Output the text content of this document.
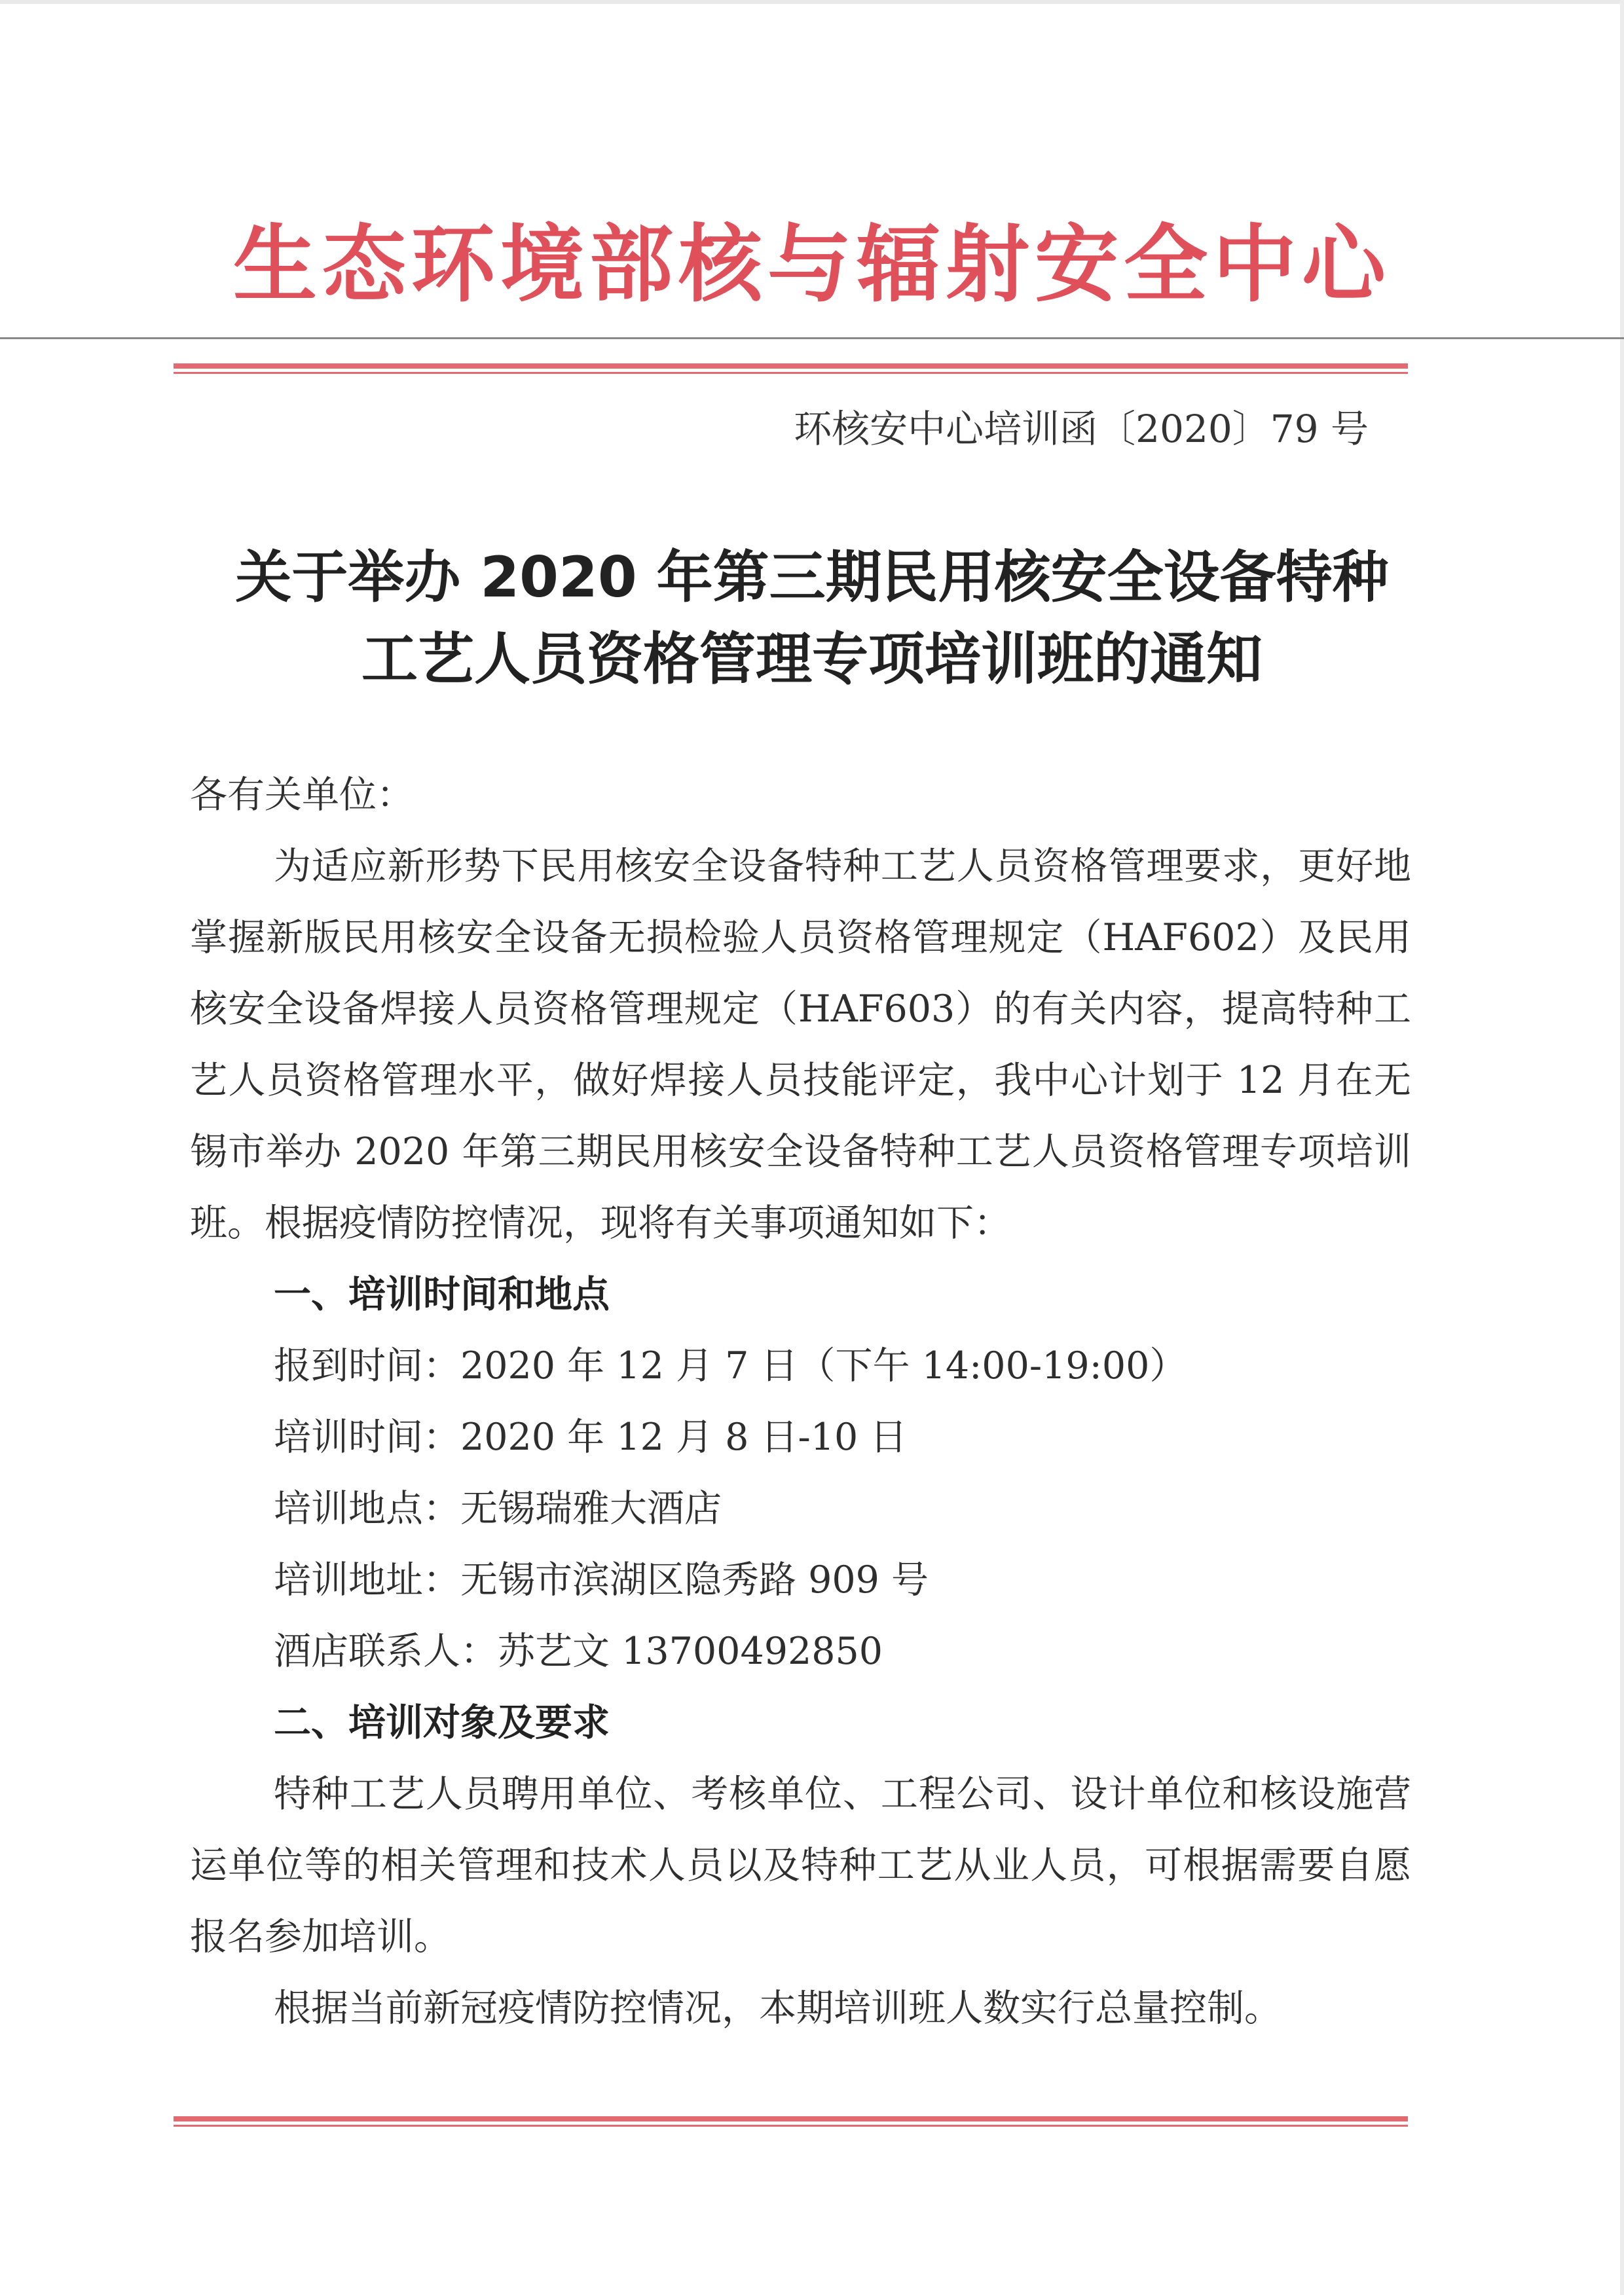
生态环境部核与辐射安全中心
环核安中心培训函〔2020〕79 号
关于举办 2020 年第三期民用核安全设备特种
工艺人员资格管理专项培训班的通知

各有关单位：

为适应新形势下民用核安全设备特种工艺人员资格管理要求，更好地掌握新版民用核安全设备无损检验人员资格管理规定（HAF602）及民用核安全设备焊接人员资格管理规定（HAF603）的有关内容，提高特种工艺人员资格管理水平，做好焊接人员技能评定，我中心计划于 12 月在无锡市举办 2020 年第三期民用核安全设备特种工艺人员资格管理专项培训班。根据疫情防控情况，现将有关事项通知如下：

一、培训时间和地点

报到时间：2020 年 12 月 7 日（下午 14:00-19:00）

培训时间：2020 年 12 月 8 日-10 日

培训地点：无锡瑞雅大酒店

培训地址：无锡市滨湖区隐秀路 909 号

酒店联系人：苏艺文 13700492850

二、培训对象及要求

特种工艺人员聘用单位、考核单位、工程公司、设计单位和核设施营运单位等的相关管理和技术人员以及特种工艺从业人员，可根据需要自愿报名参加培训。

根据当前新冠疫情防控情况，本期培训班人数实行总量控制。
